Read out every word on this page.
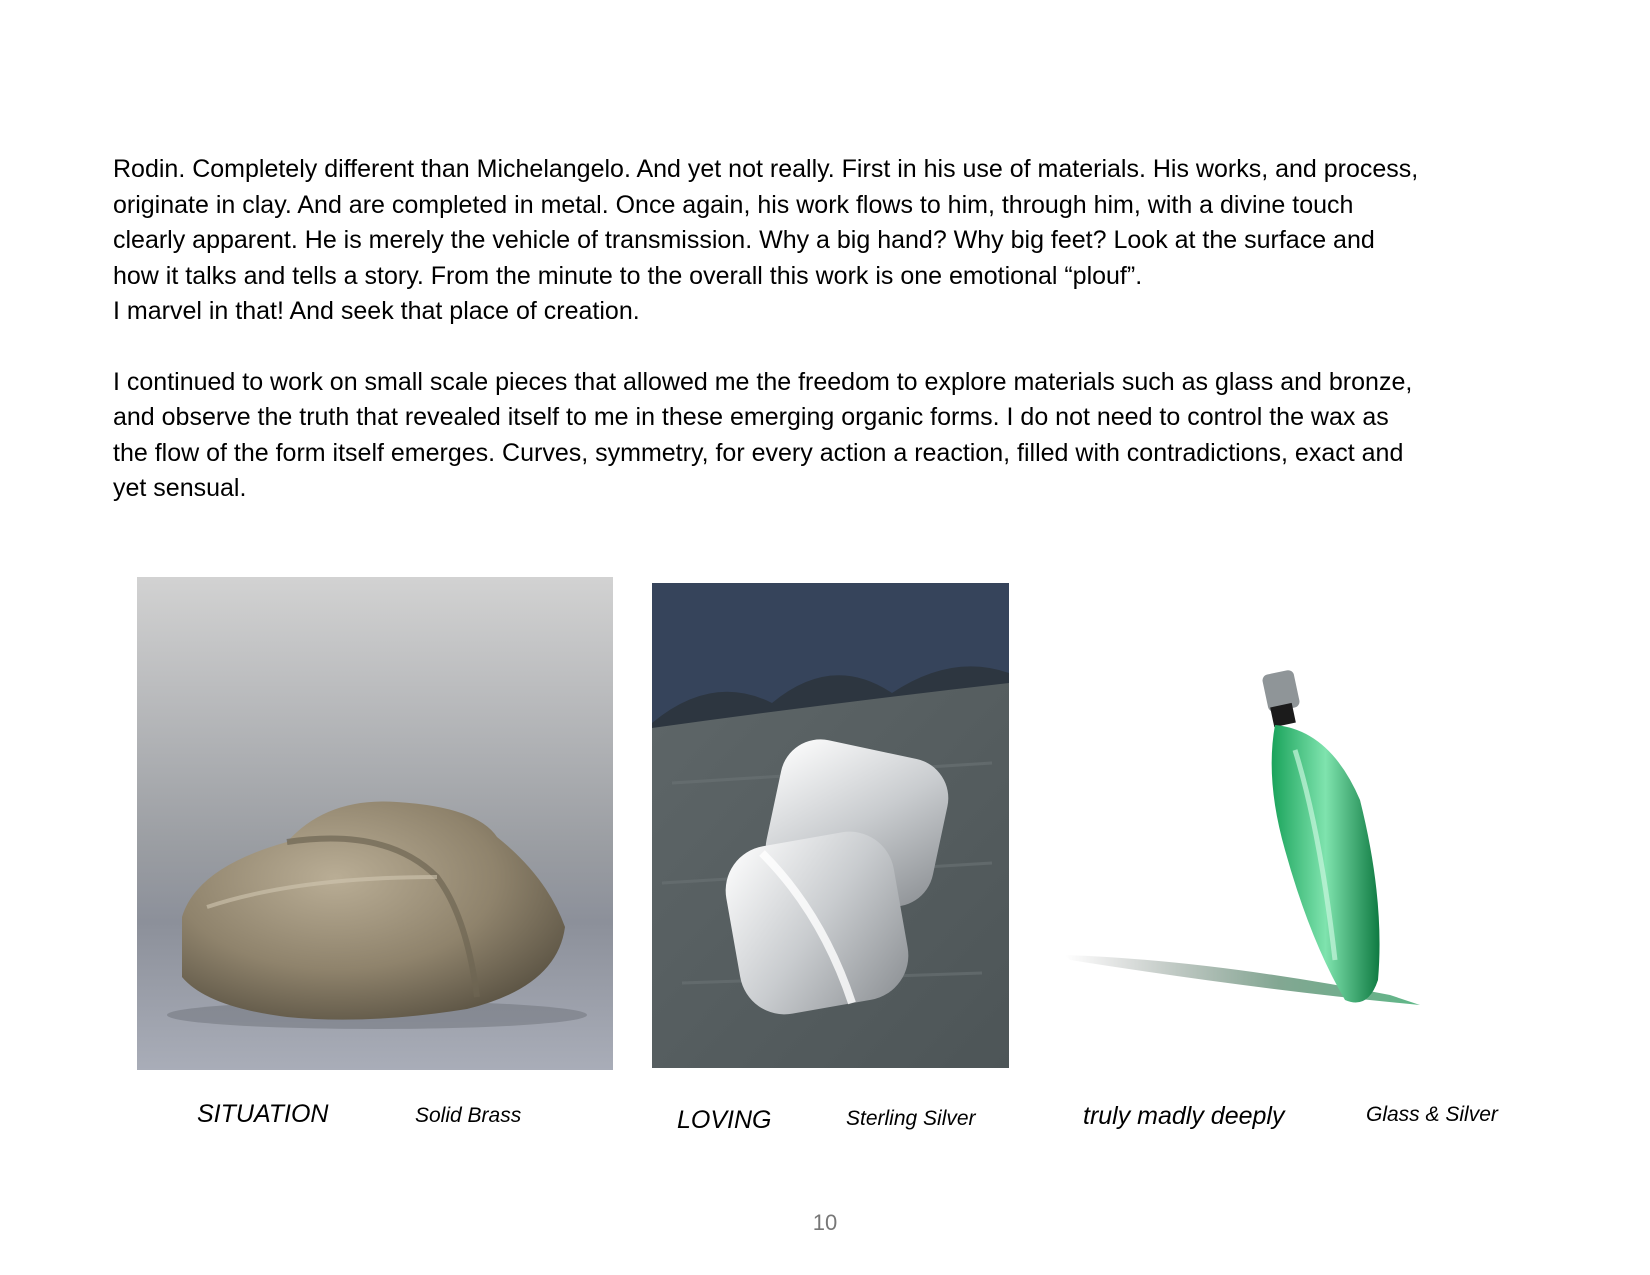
Rodin. Completely different than Michelangelo. And yet not really. First in his use of materials. His works, and process,
originate in clay. And are completed in metal. Once again, his work flows to him, through him, with a divine touch
clearly apparent. He is merely the vehicle of transmission. Why a big hand? Why big feet? Look at the surface and
how it talks and tells a story. From the minute to the overall this work is one emotional “plouf”.
I marvel in that! And seek that place of creation.

I continued to work on small scale pieces that allowed me the freedom to explore materials such as glass and bronze,
and observe the truth that revealed itself to me in these emerging organic forms. I do not need to control the wax as
the flow of the form itself emerges. Curves, symmetry, for every action a reaction, filled with contradictions, exact and
yet sensual.

SITUATION	Solid Brass	LOVING	Sterling Silver	truly madly deeply	Glass & Silver
10
